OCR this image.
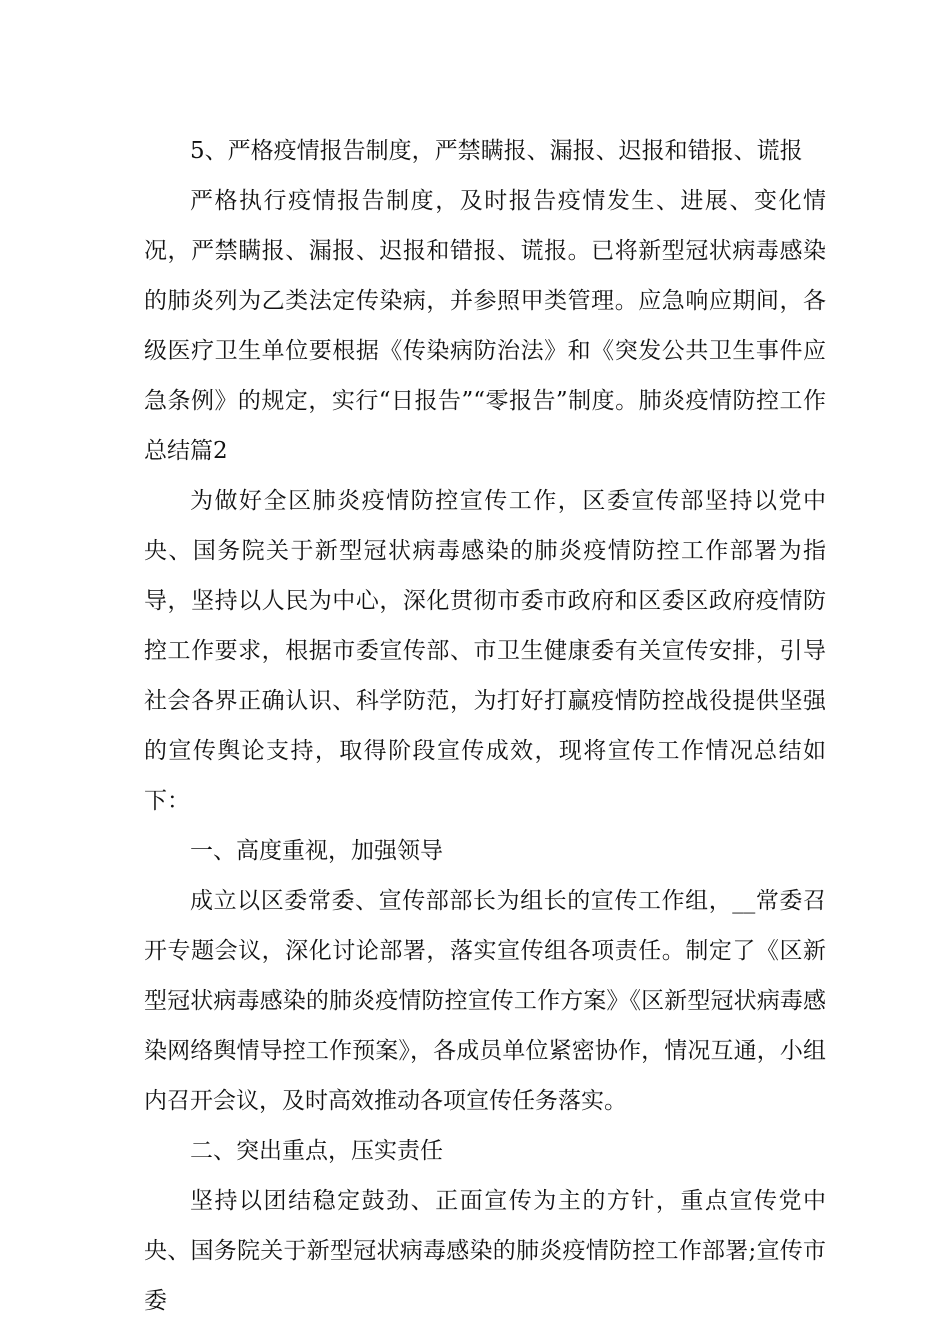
5、严格疫情报告制度，严禁瞒报、漏报、迟报和错报、谎报

严格执行疫情报告制度，及时报告疫情发生、进展、变化情况，严禁瞒报、漏报、迟报和错报、谎报。已将新型冠状病毒感染的肺炎列为乙类法定传染病，并参照甲类管理。应急响应期间，各级医疗卫生单位要根据《传染病防治法》和《突发公共卫生事件应急条例》的规定，实行“日报告”“零报告”制度。肺炎疫情防控工作总结篇2

为做好全区肺炎疫情防控宣传工作，区委宣传部坚持以党中央、国务院关于新型冠状病毒感染的肺炎疫情防控工作部署为指导，坚持以人民为中心，深化贯彻市委市政府和区委区政府疫情防控工作要求，根据市委宣传部、市卫生健康委有关宣传安排，引导社会各界正确认识、科学防范，为打好打赢疫情防控战役提供坚强的宣传舆论支持，取得阶段宣传成效，现将宣传工作情况总结如下：

一、高度重视，加强领导

成立以区委常委、宣传部部长为组长的宣传工作组，__常委召开专题会议，深化讨论部署，落实宣传组各项责任。制定了《区新型冠状病毒感染的肺炎疫情防控宣传工作方案》《区新型冠状病毒感染网络舆情导控工作预案》，各成员单位紧密协作，情况互通，小组内召开会议，及时高效推动各项宣传任务落实。

二、突出重点，压实责任

坚持以团结稳定鼓劲、正面宣传为主的方针，重点宣传党中央、国务院关于新型冠状病毒感染的肺炎疫情防控工作部署;宣传市委
